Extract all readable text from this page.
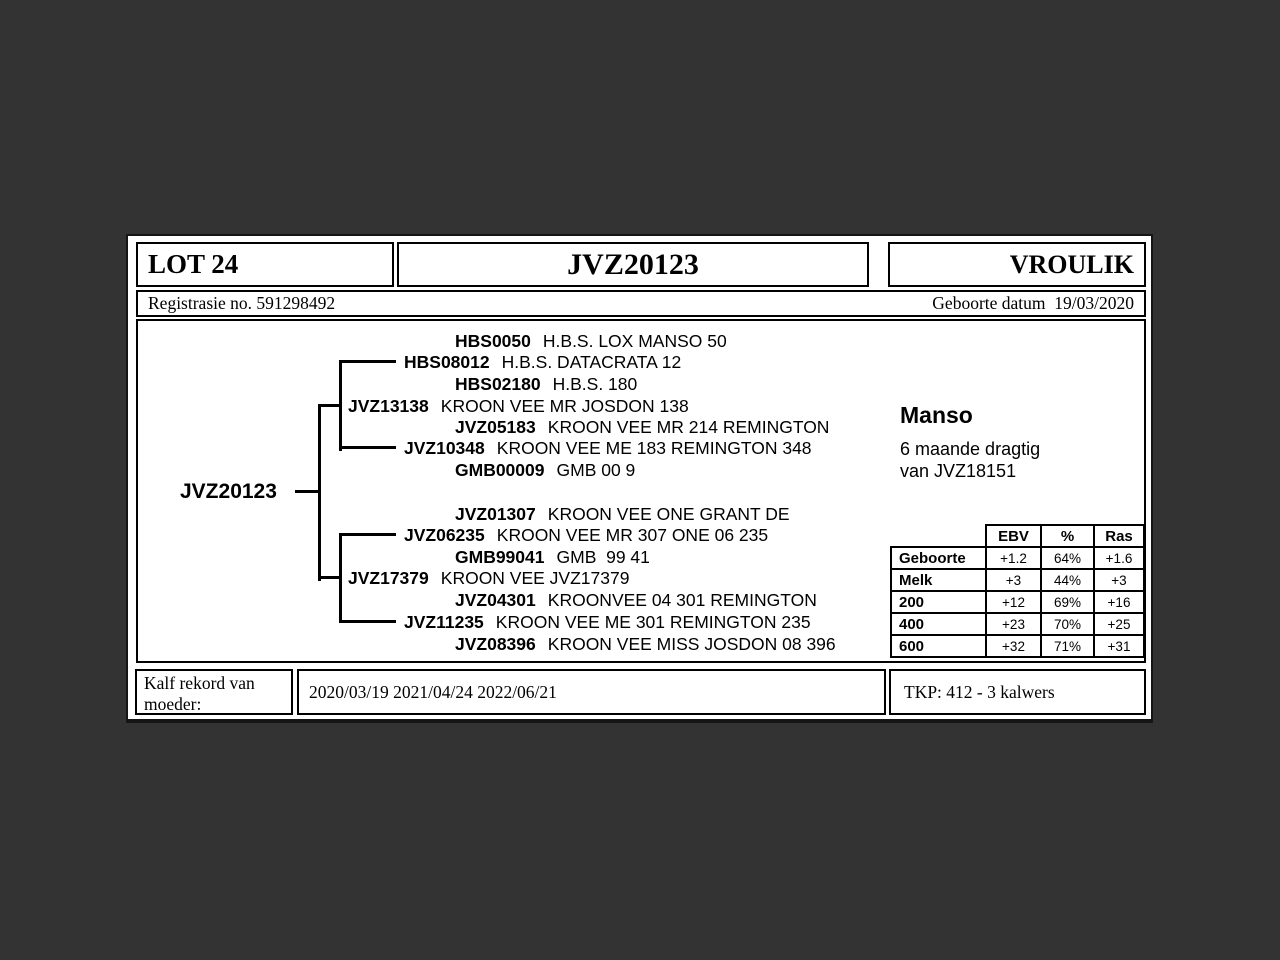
LOT 24	JVZ20123	VROULIK
Registrasie no. 591298492	Geboorte datum  19/03/2020
JVZ20123
HBS0050 H.B.S. LOX MANSO 50
HBS08012 H.B.S. DATACRATA 12
HBS02180 H.B.S. 180
JVZ13138 KROON VEE MR JOSDON 138
JVZ05183 KROON VEE MR 214 REMINGTON
JVZ10348 KROON VEE ME 183 REMINGTON 348
GMB00009 GMB 00 9
JVZ01307 KROON VEE ONE GRANT DE
JVZ06235 KROON VEE MR 307 ONE 06 235
GMB99041 GMB  99 41
JVZ17379 KROON VEE JVZ17379
JVZ04301 KROONVEE 04 301 REMINGTON
JVZ11235 KROON VEE ME 301 REMINGTON 235
JVZ08396 KROON VEE MISS JOSDON 08 396
Manso
6 maande dragtig
van JVZ18151
	EBV	%	Ras
Geboorte	+1.2	64%	+1.6
Melk	+3	44%	+3
200	+12	69%	+16
400	+23	70%	+25
600	+32	71%	+31
Kalf rekord van moeder:
2020/03/19 2021/04/24 2022/06/21	TKP: 412 - 3 kalwers
